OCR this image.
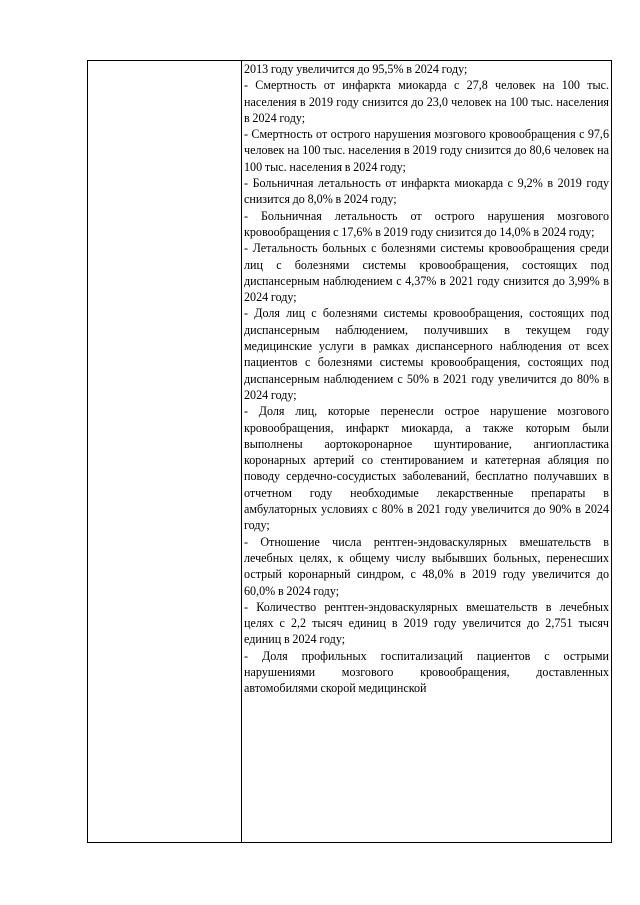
2013 году увеличится до 95,5% в 2024 году;

- Смертность от инфаркта миокарда с 27,8 человек на 100 тыс. населения в 2019 году снизится до 23,0 человек на 100 тыс. населения в 2024 году;

- Смертность от острого нарушения мозгового кровообращения с 97,6 человек на 100 тыс. населения в 2019 году снизится до 80,6 человек на 100 тыс. населения в 2024 году;

- Больничная летальность от инфаркта миокарда с 9,2% в 2019 году снизится до 8,0% в 2024 году;

- Больничная летальность от острого нарушения мозгового кровообращения с 17,6% в 2019 году снизится до 14,0% в 2024 году;

- Летальность больных с болезнями системы кровообращения среди лиц с болезнями системы кровообращения, состоящих под диспансерным наблюдением с 4,37% в 2021 году снизится до 3,99% в 2024 году;

- Доля лиц с болезнями системы кровообращения, состоящих под диспансерным наблюдением, получивших в текущем году медицинские услуги в рамках диспансерного наблюдения от всех пациентов с болезнями системы кровообращения, состоящих под диспансерным наблюдением с 50% в 2021 году увеличится до 80% в 2024 году;

- Доля лиц, которые перенесли острое нарушение мозгового кровообращения, инфаркт миокарда, а также которым были выполнены аортокоронарное шунтирование, ангиопластика коронарных артерий со стентированием и катетерная абляция по поводу сердечно-сосудистых заболеваний, бесплатно получавших в отчетном году необходимые лекарственные препараты в амбулаторных условиях с 80% в 2021 году увеличится до 90% в 2024 году;

- Отношение числа рентген-эндоваскулярных вмешательств в лечебных целях, к общему числу выбывших больных, перенесших острый коронарный синдром, с 48,0% в 2019 году увеличится до 60,0% в 2024 году;

- Количество рентген-эндоваскулярных вмешательств в лечебных целях с 2,2 тысяч единиц в 2019 году увеличится до 2,751 тысяч единиц в 2024 году;

- Доля профильных госпитализаций пациентов с острыми нарушениями мозгового кровообращения, доставленных автомобилями скорой медицинской
